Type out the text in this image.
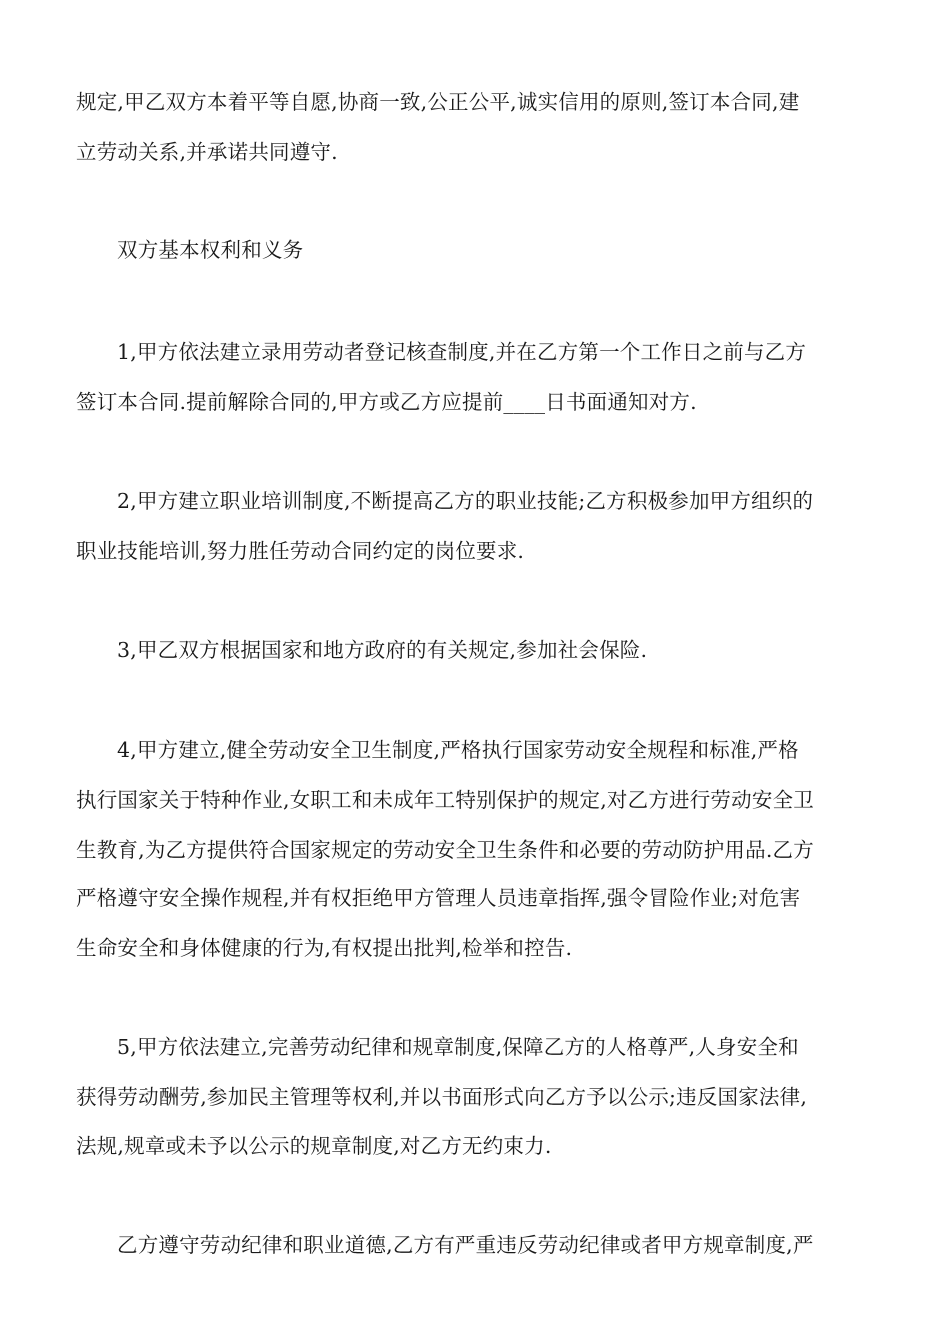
规定,甲乙双方本着平等自愿,协商一致,公正公平,诚实信用的原则,签订本合同,建
立劳动关系,并承诺共同遵守.
双方基本权利和义务
1,甲方依法建立录用劳动者登记核查制度,并在乙方第一个工作日之前与乙方
签订本合同.提前解除合同的,甲方或乙方应提前____日书面通知对方.
2,甲方建立职业培训制度,不断提高乙方的职业技能;乙方积极参加甲方组织的
职业技能培训,努力胜任劳动合同约定的岗位要求.
3,甲乙双方根据国家和地方政府的有关规定,参加社会保险.
4,甲方建立,健全劳动安全卫生制度,严格执行国家劳动安全规程和标准,严格
执行国家关于特种作业,女职工和未成年工特别保护的规定,对乙方进行劳动安全卫
生教育,为乙方提供符合国家规定的劳动安全卫生条件和必要的劳动防护用品.乙方
严格遵守安全操作规程,并有权拒绝甲方管理人员违章指挥,强令冒险作业;对危害
生命安全和身体健康的行为,有权提出批判,检举和控告.
5,甲方依法建立,完善劳动纪律和规章制度,保障乙方的人格尊严,人身安全和
获得劳动酬劳,参加民主管理等权利,并以书面形式向乙方予以公示;违反国家法律,
法规,规章或未予以公示的规章制度,对乙方无约束力.
乙方遵守劳动纪律和职业道德,乙方有严重违反劳动纪律或者甲方规章制度,严
